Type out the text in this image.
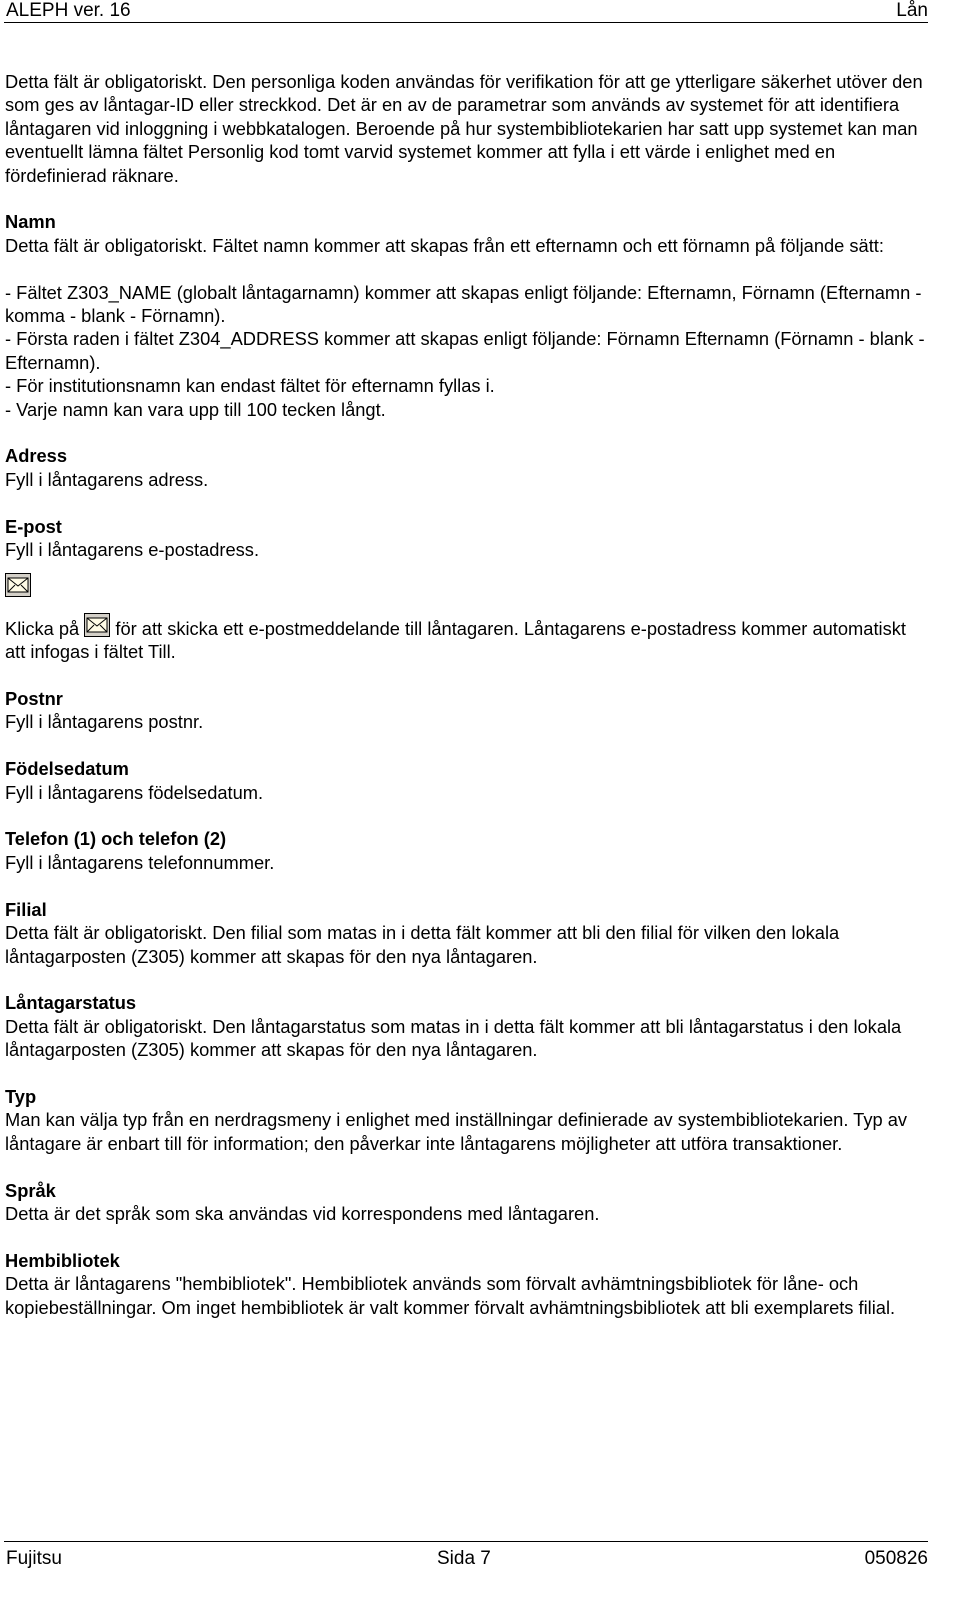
ALEPH ver. 16	Lån

Detta fält är obligatoriskt. Den personliga koden användas för verifikation för att ge ytterligare säkerhet utöver den som ges av låntagar-ID eller streckkod. Det är en av de parametrar som används av systemet för att identifiera låntagaren vid inloggning i webbkatalogen. Beroende på hur systembibliotekarien har satt upp systemet kan man eventuellt lämna fältet Personlig kod tomt varvid systemet kommer att fylla i ett värde i enlighet med en fördefinierad räknare.

Namn

Detta fält är obligatoriskt. Fältet namn kommer att skapas från ett efternamn och ett förnamn på följande sätt:

- Fältet Z303_NAME (globalt låntagarnamn) kommer att skapas enligt följande: Efternamn, Förnamn (Efternamn - komma - blank - Förnamn).

- Första raden i fältet Z304_ADDRESS kommer att skapas enligt följande: Förnamn Efternamn (Förnamn - blank - Efternamn).

- För institutionsnamn kan endast fältet för efternamn fyllas i.

- Varje namn kan vara upp till 100 tecken långt.

Adress

Fyll i låntagarens adress.

E-post

Fyll i låntagarens e-postadress.

Klicka på för att skicka ett e-postmeddelande till låntagaren. Låntagarens e-postadress kommer automatiskt att infogas i fältet Till.

Postnr

Fyll i låntagarens postnr.

Födelsedatum

Fyll i låntagarens födelsedatum.

Telefon (1) och telefon (2)

Fyll i låntagarens telefonnummer.

Filial

Detta fält är obligatoriskt. Den filial som matas in i detta fält kommer att bli den filial för vilken den lokala låntagarposten (Z305) kommer att skapas för den nya låntagaren.

Låntagarstatus

Detta fält är obligatoriskt. Den låntagarstatus som matas in i detta fält kommer att bli låntagarstatus i den lokala låntagarposten (Z305) kommer att skapas för den nya låntagaren.

Typ

Man kan välja typ från en nerdragsmeny i enlighet med inställningar definierade av systembibliotekarien. Typ av låntagare är enbart till för information; den påverkar inte låntagarens möjligheter att utföra transaktioner.

Språk

Detta är det språk som ska användas vid korrespondens med låntagaren.

Hembibliotek

Detta är låntagarens "hembibliotek". Hembibliotek används som förvalt avhämtningsbibliotek för låne- och kopiebeställningar. Om inget hembibliotek är valt kommer förvalt avhämtningsbibliotek att bli exemplarets filial.

Fujitsu	Sida 7	050826
